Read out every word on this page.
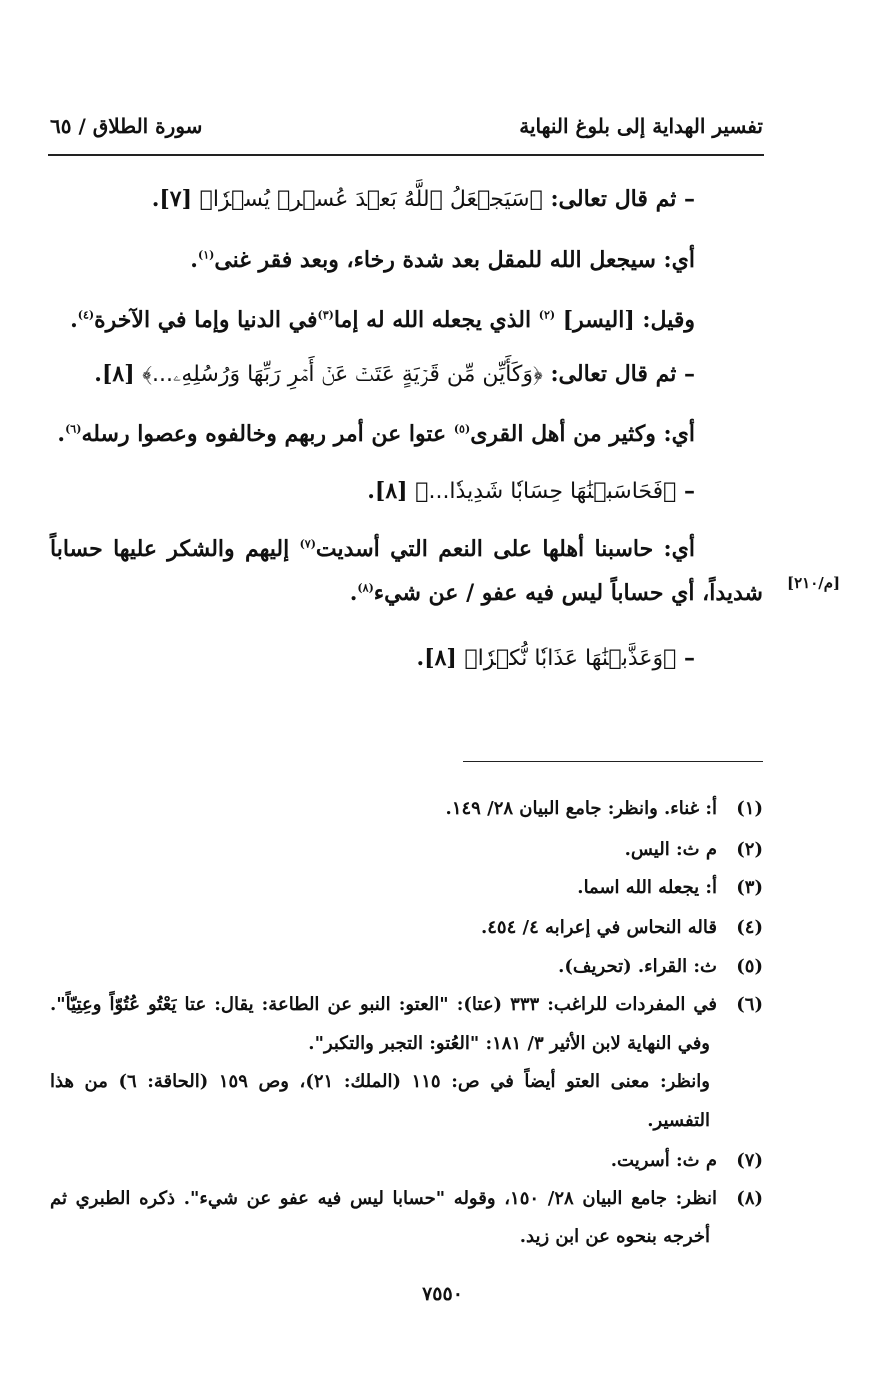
تفسير الهداية إلى بلوغ النهاية
سورة الطلاق / ٦٥
– ثم قال تعالى: ﴿سَيَجۡعَلُ ٱللَّهُ بَعۡدَ عُسۡرٖ يُسۡرٗا﴾ [٧].
أي: سيجعل الله للمقل بعد شدة رخاء، وبعد فقر غنى$^{(١)}$.
وقيل: [اليسر] $^{(٢)}$ الذي يجعله الله له إما$^{(٣)}$في الدنيا وإما في الآخرة$^{(٤)}$.
– ثم قال تعالى: ﴿وَكَأَيِّن مِّن قَرۡيَةٍ عَتَتۡ عَنۡ أَمۡرِ رَبِّهَا وَرُسُلِهِۦ...﴾ [٨].
أي: وكثير من أهل القرى$^{(٥)}$ عتوا عن أمر ربهم وخالفوه وعصوا رسله$^{(٦)}$.
– ﴿فَحَاسَبۡنَٰهَا حِسَابٗا شَدِيدٗا...﴾ [٨].
أي: حاسبنا أهلها على النعم التي أسديت$^{(٧)}$ إليهم والشكر عليها حساباً
شديداً، أي حساباً ليس فيه عفو / عن شيء$^{(٨)}$.	[م/٢١٠]
– ﴿وَعَذَّبۡنَٰهَا عَذَابٗا نُّكۡرٗا﴾ [٨].
(١)أ: غناء. وانظر: جامع البيان ٢٨/ ١٤٩.
(٢)م ث: اليس.
(٣)أ: يجعله الله اسما.
(٤)قاله النحاس في إعرابه ٤/ ٤٥٤.
(٥)ث: القراء. (تحريف).
(٦)في المفردات للراغب: ٣٣٣ (عتا): "العتو: النبو عن الطاعة: يقال: عتا يَعْتُو عُتُوّاً وعِتِيّاً".
وفي النهاية لابن الأثير ٣/ ١٨١: "العُتو: التجبر والتكبر".
وانظر: معنى العتو أيضاً في ص: ١١٥ (الملك: ٢١)، وص ١٥٩ (الحاقة: ٦) من هذا
التفسير.
(٧)م ث: أسريت.
(٨)انظر: جامع البيان ٢٨/ ١٥٠، وقوله "حسابا ليس فيه عفو عن شيء". ذكره الطبري ثم
أخرجه بنحوه عن ابن زيد.
٧٥٥٠
